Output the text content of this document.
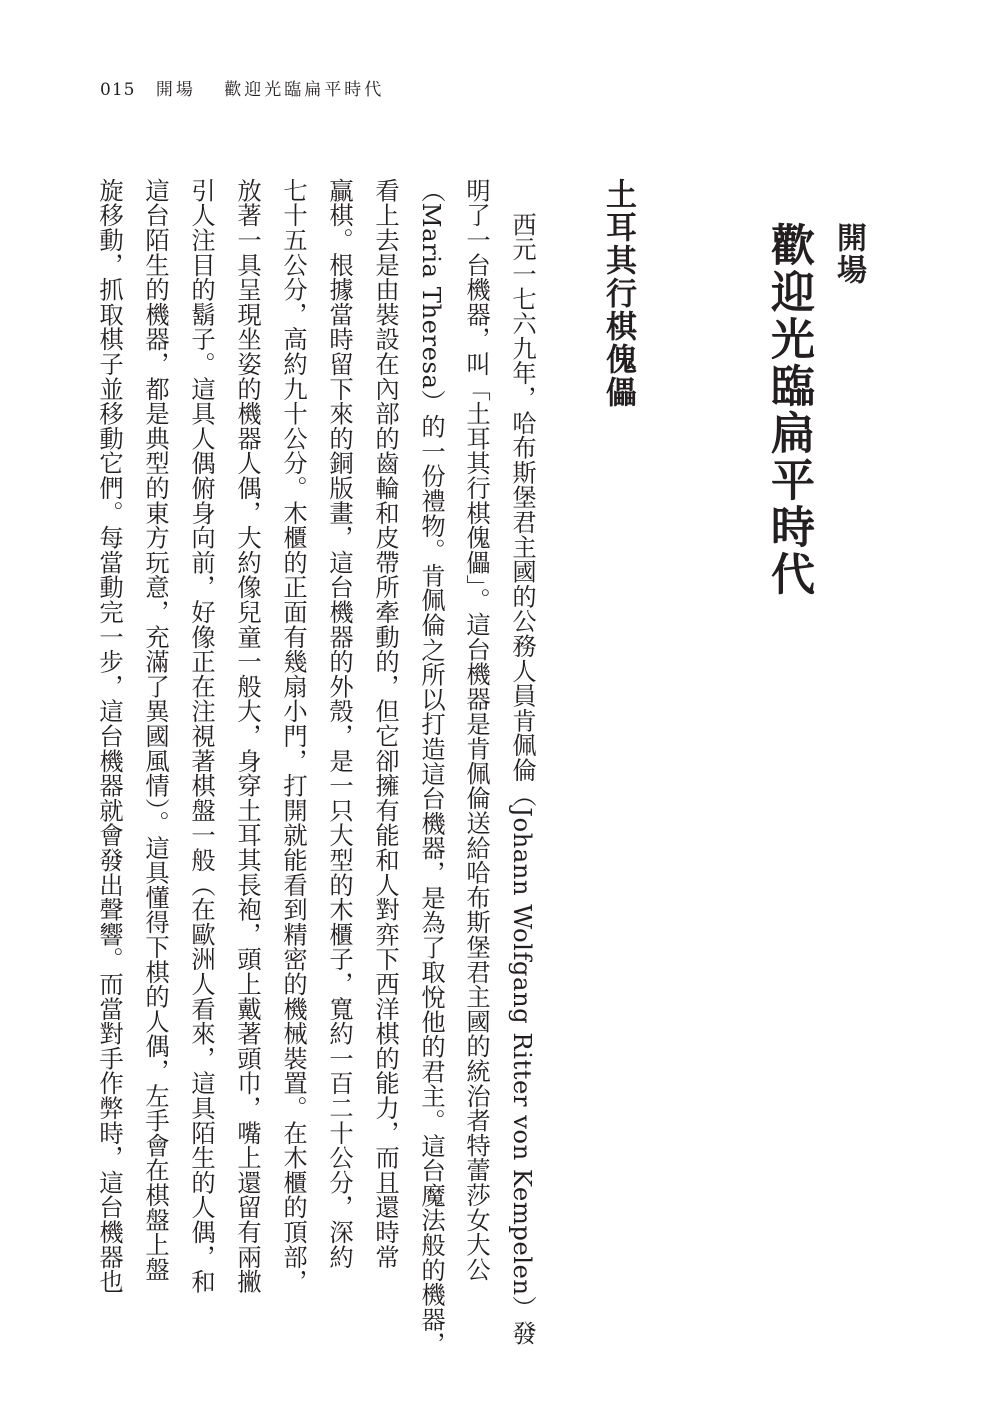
015 開場 歡迎光臨扁平時代
開場
歡迎光臨扁平時代
土耳其行棋傀儡
西元一七六九年，哈布斯堡君主國的公務人員肯佩倫（Johann Wolfgang Ritter von Kempelen）發
明了一台機器，叫「土耳其行棋傀儡」。這台機器是肯佩倫送給哈布斯堡君主國的統治者特蕾莎女大公
（Maria Theresa）的一份禮物。肯佩倫之所以打造這台機器，是為了取悅他的君主。這台魔法般的機器，
看上去是由裝設在內部的齒輪和皮帶所牽動的，但它卻擁有能和人對弈下西洋棋的能力，而且還時常
贏棋。根據當時留下來的銅版畫，這台機器的外殼，是一只大型的木櫃子，寬約一百二十公分，深約
七十五公分，高約九十公分。木櫃的正面有幾扇小門，打開就能看到精密的機械裝置。在木櫃的頂部，
放著一具呈現坐姿的機器人偶，大約像兒童一般大，身穿土耳其長袍，頭上戴著頭巾，嘴上還留有兩撇
引人注目的鬍子。這具人偶俯身向前，好像正在注視著棋盤一般（在歐洲人看來，這具陌生的人偶，和
這台陌生的機器，都是典型的東方玩意，充滿了異國風情）。這具懂得下棋的人偶，左手會在棋盤上盤
旋移動，抓取棋子並移動它們。每當動完一步，這台機器就會發出聲響。而當對手作弊時，這台機器也
